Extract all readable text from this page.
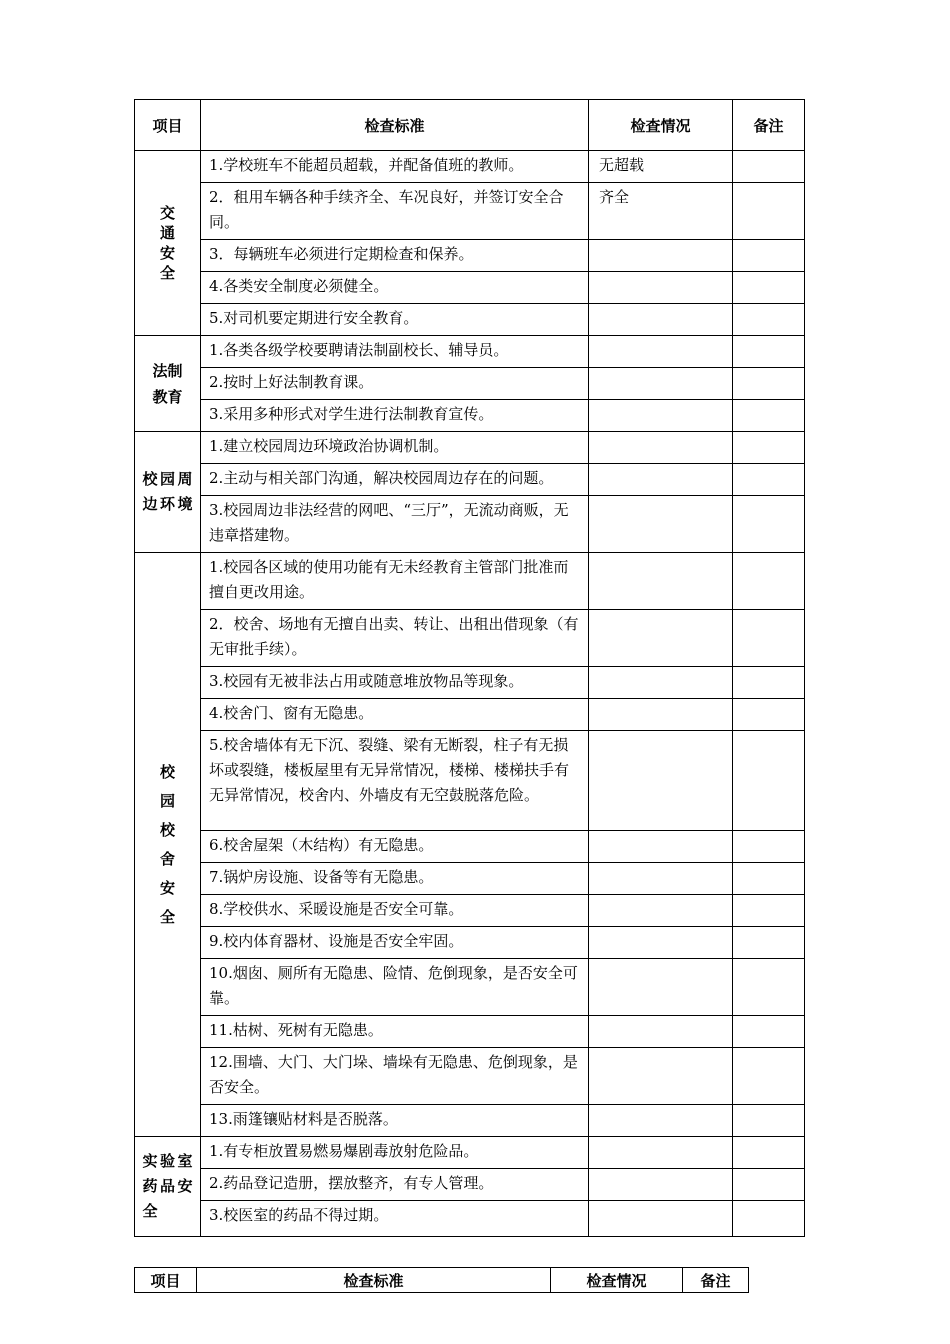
项目	检查标准	检查情况	备注

交通安全	1.学校班车不能超员超载，并配备值班的教师。	无超载	
	2．租用车辆各种手续齐全、车况良好，并签订安全合同。	齐全	
	3．每辆班车必须进行定期检查和保养。		
	4.各类安全制度必须健全。		
	5.对司机要定期进行安全教育。		

法制教育	1.各类各级学校要聘请法制副校长、辅导员。		
	2.按时上好法制教育课。		
	3.采用多种形式对学生进行法制教育宣传。		

校园周边环境	1.建立校园周边环境政治协调机制。		
	2.主动与相关部门沟通，解决校园周边存在的问题。		
	3.校园周边非法经营的网吧、“三厅”，无流动商贩，无违章搭建物。		

校园校舍安全	1.校园各区域的使用功能有无未经教育主管部门批准而擅自更改用途。		
	2．校舍、场地有无擅自出卖、转让、出租出借现象（有无审批手续）。		
	3.校园有无被非法占用或随意堆放物品等现象。		
	4.校舍门、窗有无隐患。		
	5.校舍墙体有无下沉、裂缝、梁有无断裂，柱子有无损坏或裂缝，楼板屋里有无异常情况，楼梯、楼梯扶手有无异常情况，校舍内、外墙皮有无空鼓脱落危险。		
	6.校舍屋架（木结构）有无隐患。		
	7.锅炉房设施、设备等有无隐患。		
	8.学校供水、采暖设施是否安全可靠。		
	9.校内体育器材、设施是否安全牢固。		
	10.烟囱、厕所有无隐患、险情、危倒现象，是否安全可靠。		
	11.枯树、死树有无隐患。		
	12.围墙、大门、大门垛、墙垛有无隐患、危倒现象，是否安全。		
	13.雨篷镶贴材料是否脱落。		

实验室药品安全	1.有专柜放置易燃易爆剧毒放射危险品。		
	2.药品登记造册，摆放整齐，有专人管理。		
	3.校医室的药品不得过期。		
项目	检查标准	检查情况	备注
